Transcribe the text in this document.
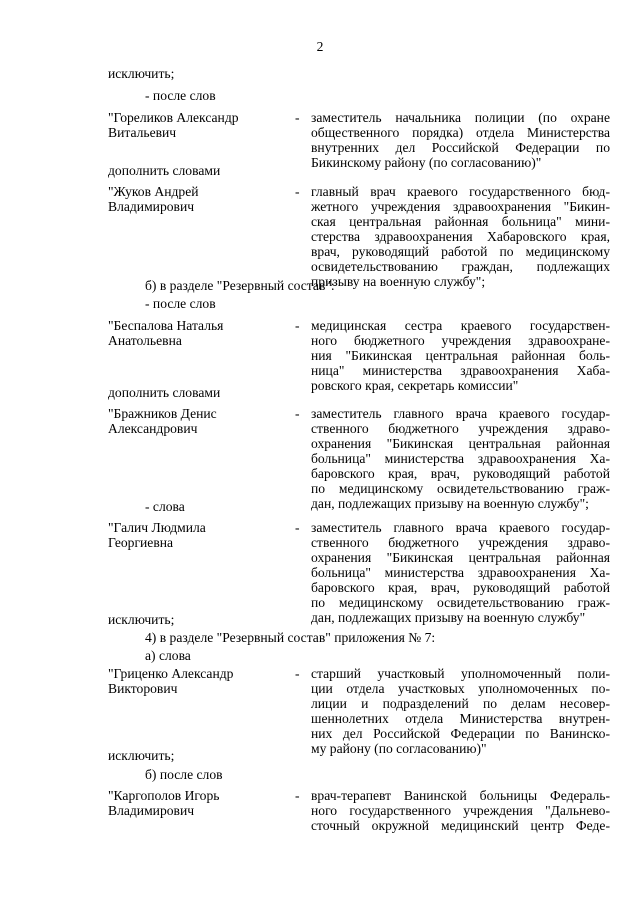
2
исключить;
- после слов
"Гореликов Александр
Витальевич
- заместитель начальника полиции (по охране
общественного порядка) отдела Министерства
внутренних дел Российской Федерации по
Бикинскому району (по согласованию)"
дополнить словами
"Жуков Андрей
Владимирович
- главный врач краевого государственного бюд-
жетного учреждения здравоохранения "Бикин-
ская центральная районная больница" мини-
стерства здравоохранения Хабаровского края,
врач, руководящий работой по медицинскому
освидетельствованию граждан, подлежащих
призыву на военную службу";
б) в разделе "Резервный состав":
- после слов
"Беспалова Наталья
Анатольевна
- медицинская сестра краевого государствен-
ного бюджетного учреждения здравоохране-
ния "Бикинская центральная районная боль-
ница" министерства здравоохранения Хаба-
ровского края, секретарь комиссии"
дополнить словами
"Бражников Денис
Александрович
- заместитель главного врача краевого государ-
ственного бюджетного учреждения здраво-
охранения "Бикинская центральная районная
больница" министерства здравоохранения Ха-
баровского края, врач, руководящий работой
по медицинскому освидетельствованию граж-
дан, подлежащих призыву на военную службу";
- слова
"Галич Людмила
Георгиевна
- заместитель главного врача краевого государ-
ственного бюджетного учреждения здраво-
охранения "Бикинская центральная районная
больница" министерства здравоохранения Ха-
баровского края, врач, руководящий работой
по медицинскому освидетельствованию граж-
дан, подлежащих призыву на военную службу"
исключить;
4) в разделе "Резервный состав" приложения № 7:
а) слова
"Гриценко Александр
Викторович
- старший участковый уполномоченный поли-
ции отдела участковых уполномоченных по-
лиции и подразделений по делам несовер-
шеннолетних отдела Министерства внутрен-
них дел Российской Федерации по Ванинско-
му району (по согласованию)"
исключить;
б) после слов
"Каргополов Игорь
Владимирович
- врач-терапевт Ванинской больницы Федераль-
ного государственного учреждения "Дальнево-
сточный окружной медицинский центр Феде-
